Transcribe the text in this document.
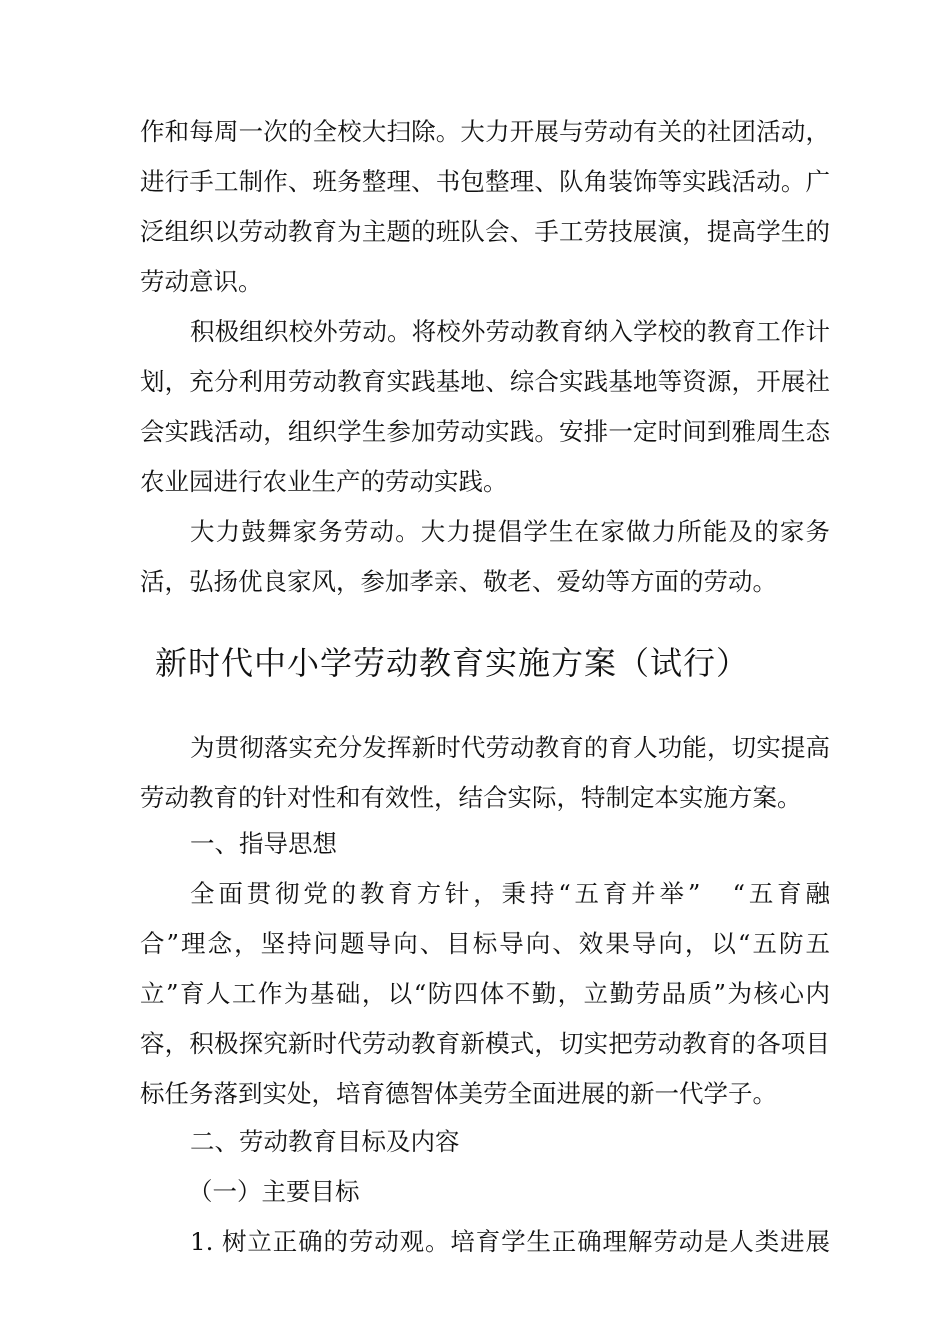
作和每周一次的全校大扫除。大力开展与劳动有关的社团活动，
进行手工制作、班务整理、书包整理、队角装饰等实践活动。广
泛组织以劳动教育为主题的班队会、手工劳技展演，提高学生的
劳动意识。
积极组织校外劳动。将校外劳动教育纳入学校的教育工作计
划，充分利用劳动教育实践基地、综合实践基地等资源，开展社
会实践活动，组织学生参加劳动实践。安排一定时间到雅周生态
农业园进行农业生产的劳动实践。
大力鼓舞家务劳动。大力提倡学生在家做力所能及的家务
活，弘扬优良家风，参加孝亲、敬老、爱幼等方面的劳动。
新时代中小学劳动教育实施方案（试行）
为贯彻落实充分发挥新时代劳动教育的育人功能，切实提高
劳动教育的针对性和有效性，结合实际，特制定本实施方案。
一、指导思想
全面贯彻党的教育方针，秉持“五育并举”　“五育融
合”理念，坚持问题导向、目标导向、效果导向，以“五防五
立”育人工作为基础，以“防四体不勤，立勤劳品质”为核心内
容，积极探究新时代劳动教育新模式，切实把劳动教育的各项目
标任务落到实处，培育德智体美劳全面进展的新一代学子。
二、劳动教育目标及内容
（一）主要目标
1. 树立正确的劳动观。培育学生正确理解劳动是人类进展
